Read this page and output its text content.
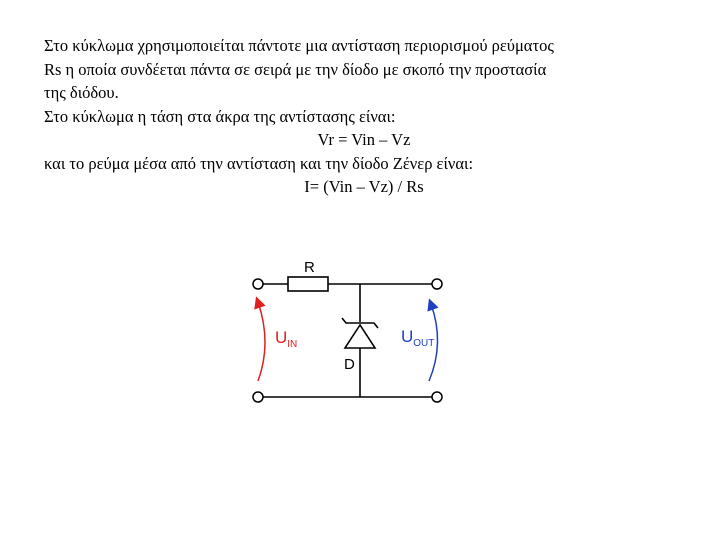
Στο κύκλωμα χρησιμοποιείται πάντοτε μια αντίσταση περιορισμού ρεύματος
Rs η οποία συνδέεται πάντα σε σειρά με την δίοδο με σκοπό την προστασία
της διόδου.
Στο κύκλωμα η τάση στα άκρα της αντίστασης είναι:
Vr = Vin – Vz
και το ρεύμα μέσα από την αντίσταση και την δίοδο Ζένερ είναι:
I= (Vin – Vz) / Rs
R
D
$U_{IN}$	$U_{OUT}$
